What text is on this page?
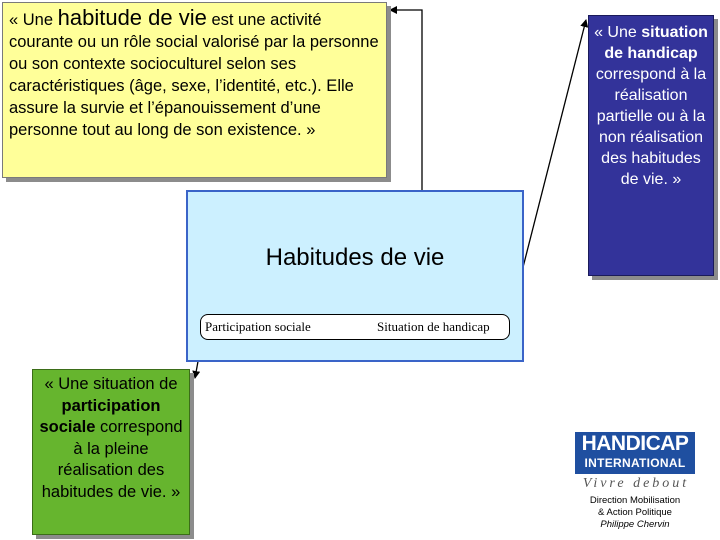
« Une habitude de vie est une activité courante ou un rôle social valorisé par la personne ou son contexte socioculturel selon ses caractéristiques (âge, sexe, l’identité, etc.). Elle assure la survie et l’épanouissement d’une personne tout au long de son existence. »
« Une situation de handicap correspond à la réalisation partielle ou à la non réalisation des habitudes de vie. »
Habitudes de vie
Participation sociale	Situation de handicap
« Une situation de participation sociale correspond à la pleine réalisation des habitudes de vie. »
HANDICAP
INTERNATIONAL
Vivre debout
Direction Mobilisation
& Action Politique
Philippe Chervin
